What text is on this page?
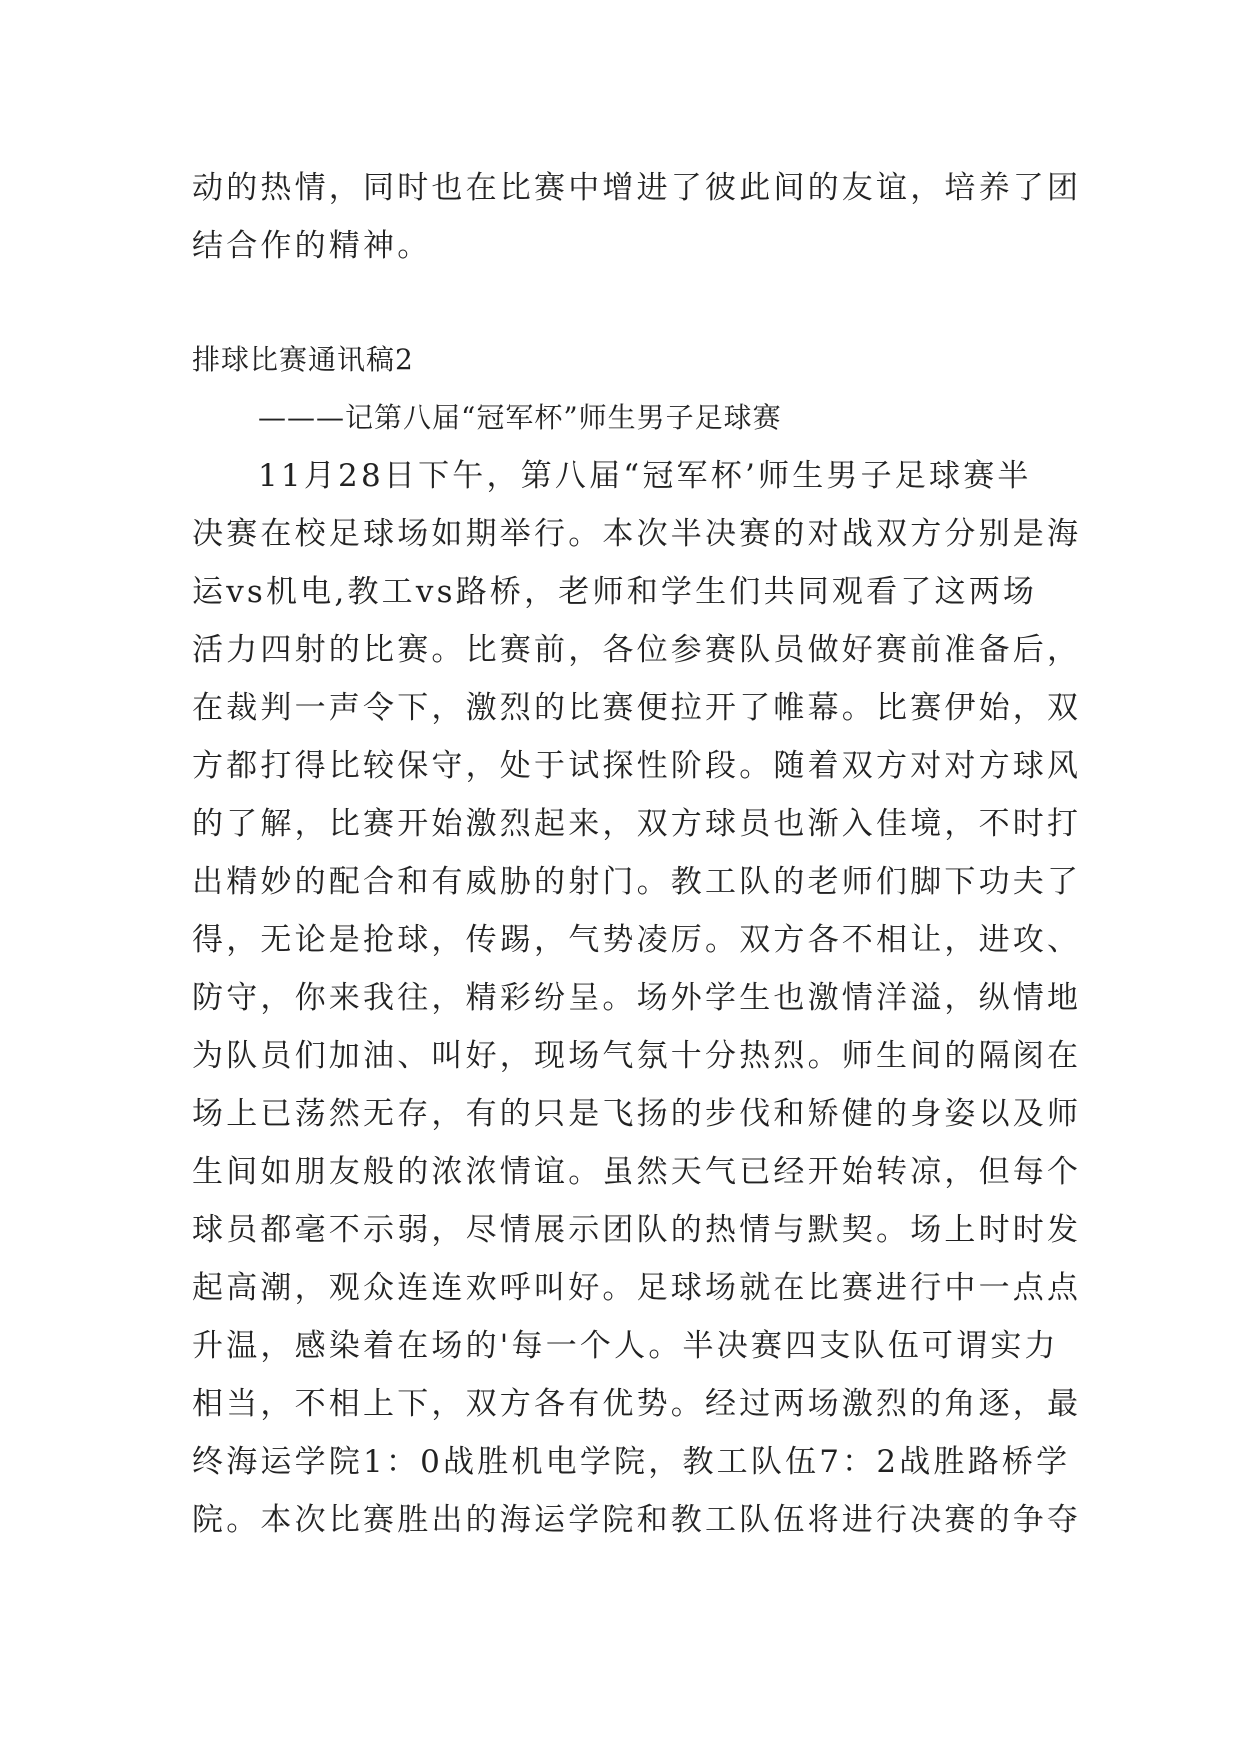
动的热情，同时也在比赛中增进了彼此间的友谊，培养了团
结合作的精神。
排球比赛通讯稿2
———记第八届“冠军杯”师生男子足球赛
11月28日下午，第八届“冠军杯’师生男子足球赛半
决赛在校足球场如期举行。本次半决赛的对战双方分别是海
运vs机电,教工vs路桥，老师和学生们共同观看了这两场
活力四射的比赛。比赛前，各位参赛队员做好赛前准备后，
在裁判一声令下，激烈的比赛便拉开了帷幕。比赛伊始，双
方都打得比较保守，处于试探性阶段。随着双方对对方球风
的了解，比赛开始激烈起来，双方球员也渐入佳境，不时打
出精妙的配合和有威胁的射门。教工队的老师们脚下功夫了
得，无论是抢球，传踢，气势凌厉。双方各不相让，进攻、
防守，你来我往，精彩纷呈。场外学生也激情洋溢，纵情地
为队员们加油、叫好，现场气氛十分热烈。师生间的隔阂在
场上已荡然无存，有的只是飞扬的步伐和矫健的身姿以及师
生间如朋友般的浓浓情谊。虽然天气已经开始转凉，但每个
球员都毫不示弱，尽情展示团队的热情与默契。场上时时发
起高潮，观众连连欢呼叫好。足球场就在比赛进行中一点点
升温，感染着在场的'每一个人。半决赛四支队伍可谓实力
相当，不相上下，双方各有优势。经过两场激烈的角逐，最
终海运学院1：0战胜机电学院，教工队伍7：2战胜路桥学
院。本次比赛胜出的海运学院和教工队伍将进行决赛的争夺
